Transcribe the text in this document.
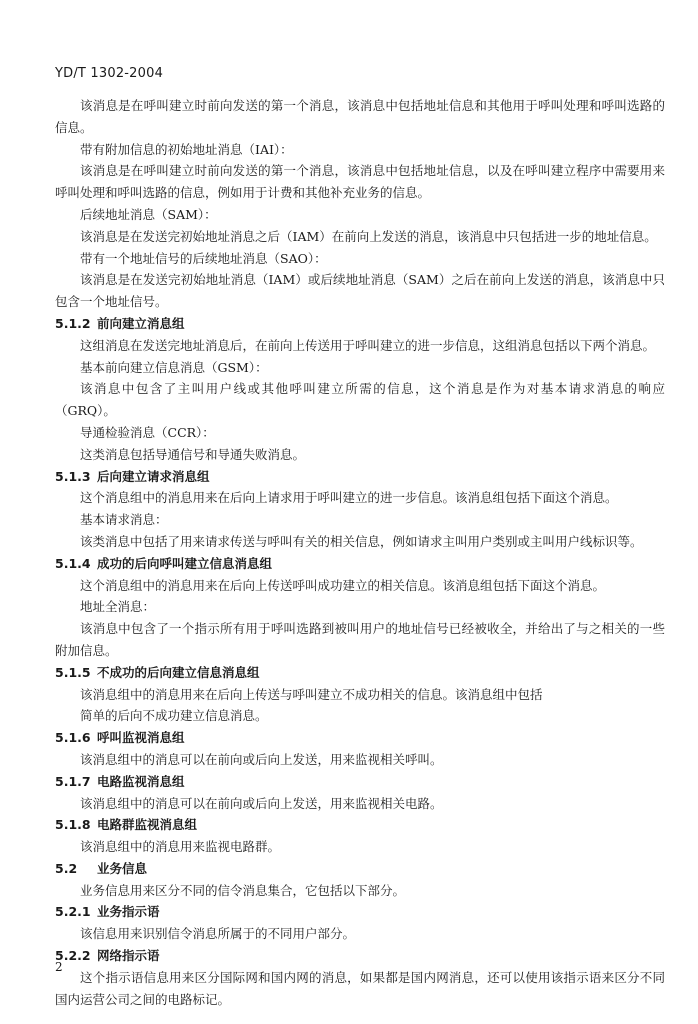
YD/T 1302-2004

该消息是在呼叫建立时前向发送的第一个消息，该消息中包括地址信息和其他用于呼叫处理和呼叫选路的信息。

带有附加信息的初始地址消息（IAI）：

该消息是在呼叫建立时前向发送的第一个消息，该消息中包括地址信息，以及在呼叫建立程序中需要用来呼叫处理和呼叫选路的信息，例如用于计费和其他补充业务的信息。

后续地址消息（SAM）：

该消息是在发送完初始地址消息之后（IAM）在前向上发送的消息，该消息中只包括进一步的地址信息。

带有一个地址信号的后续地址消息（SAO）：

该消息是在发送完初始地址消息（IAM）或后续地址消息（SAM）之后在前向上发送的消息，该消息中只包含一个地址信号。

5.1.2 前向建立消息组

这组消息在发送完地址消息后，在前向上传送用于呼叫建立的进一步信息，这组消息包括以下两个消息。

基本前向建立信息消息（GSM）：

该消息中包含了主叫用户线或其他呼叫建立所需的信息，这个消息是作为对基本请求消息的响应（GRQ）。

导通检验消息（CCR）：

这类消息包括导通信号和导通失败消息。

5.1.3 后向建立请求消息组

这个消息组中的消息用来在后向上请求用于呼叫建立的进一步信息。该消息组包括下面这个消息。

基本请求消息：

该类消息中包括了用来请求传送与呼叫有关的相关信息，例如请求主叫用户类别或主叫用户线标识等。

5.1.4 成功的后向呼叫建立信息消息组

这个消息组中的消息用来在后向上传送呼叫成功建立的相关信息。该消息组包括下面这个消息。

地址全消息：

该消息中包含了一个指示所有用于呼叫选路到被叫用户的地址信号已经被收全，并给出了与之相关的一些附加信息。

5.1.5 不成功的后向建立信息消息组

该消息组中的消息用来在后向上传送与呼叫建立不成功相关的信息。该消息组中包括

简单的后向不成功建立信息消息。

5.1.6 呼叫监视消息组

该消息组中的消息可以在前向或后向上发送，用来监视相关呼叫。

5.1.7 电路监视消息组

该消息组中的消息可以在前向或后向上发送，用来监视相关电路。

5.1.8 电路群监视消息组

该消息组中的消息用来监视电路群。

5.2 业务信息

业务信息用来区分不同的信令消息集合，它包括以下部分。

5.2.1 业务指示语

该信息用来识别信令消息所属于的不同用户部分。

5.2.2 网络指示语

这个指示语信息用来区分国际网和国内网的消息，如果都是国内网消息，还可以使用该指示语来区分不同国内运营公司之间的电路标记。

2
